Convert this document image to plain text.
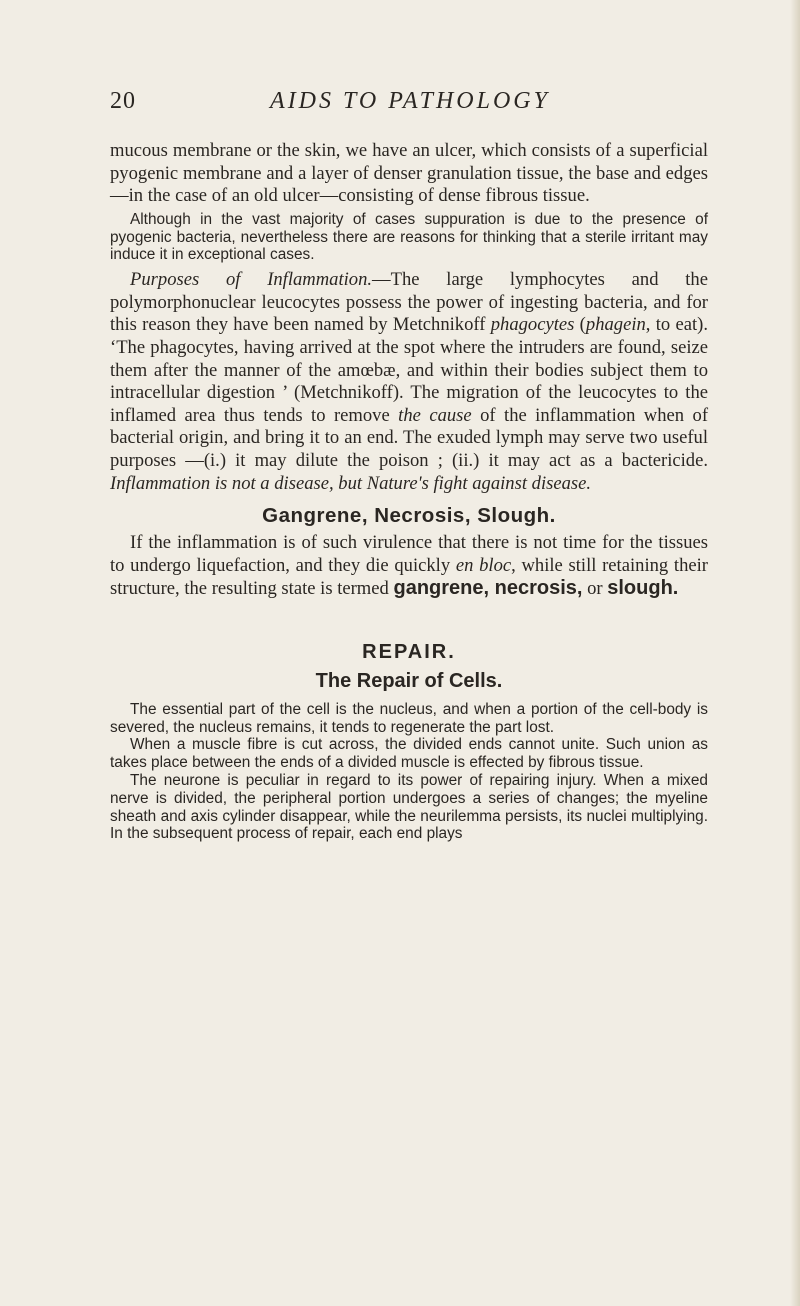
20	AIDS TO PATHOLOGY

mucous membrane or the skin, we have an ulcer, which consists of a superficial pyogenic membrane and a layer of denser granulation tissue, the base and edges—in the case of an old ulcer—consisting of dense fibrous tissue.

Although in the vast majority of cases suppuration is due to the presence of pyogenic bacteria, nevertheless there are reasons for thinking that a sterile irritant may induce it in exceptional cases.

Purposes of Inflammation.—The large lymphocytes and the polymorphonuclear leucocytes possess the power of ingesting bacteria, and for this reason they have been named by Metchnikoff phagocytes (phagein, to eat). ‘The phagocytes, having arrived at the spot where the intruders are found, seize them after the manner of the amœbæ, and within their bodies subject them to intracellular digestion ’ (Metchnikoff). The migration of the leucocytes to the inflamed area thus tends to remove the cause of the inflammation when of bacterial origin, and bring it to an end. The exuded lymph may serve two useful purposes —(i.) it may dilute the poison ; (ii.) it may act as a bactericide. Inflammation is not a disease, but Nature's fight against disease.

Gangrene, Necrosis, Slough.

If the inflammation is of such virulence that there is not time for the tissues to undergo liquefaction, and they die quickly en bloc, while still retaining their structure, the resulting state is termed gangrene, necrosis, or slough.

REPAIR.
The Repair of Cells.

The essential part of the cell is the nucleus, and when a portion of the cell-body is severed, the nucleus remains, it tends to regenerate the part lost.

When a muscle fibre is cut across, the divided ends cannot unite. Such union as takes place between the ends of a divided muscle is effected by fibrous tissue.

The neurone is peculiar in regard to its power of repairing injury. When a mixed nerve is divided, the peripheral portion undergoes a series of changes; the myeline sheath and axis cylinder disappear, while the neurilemma persists, its nuclei multiplying. In the subsequent process of repair, each end plays
